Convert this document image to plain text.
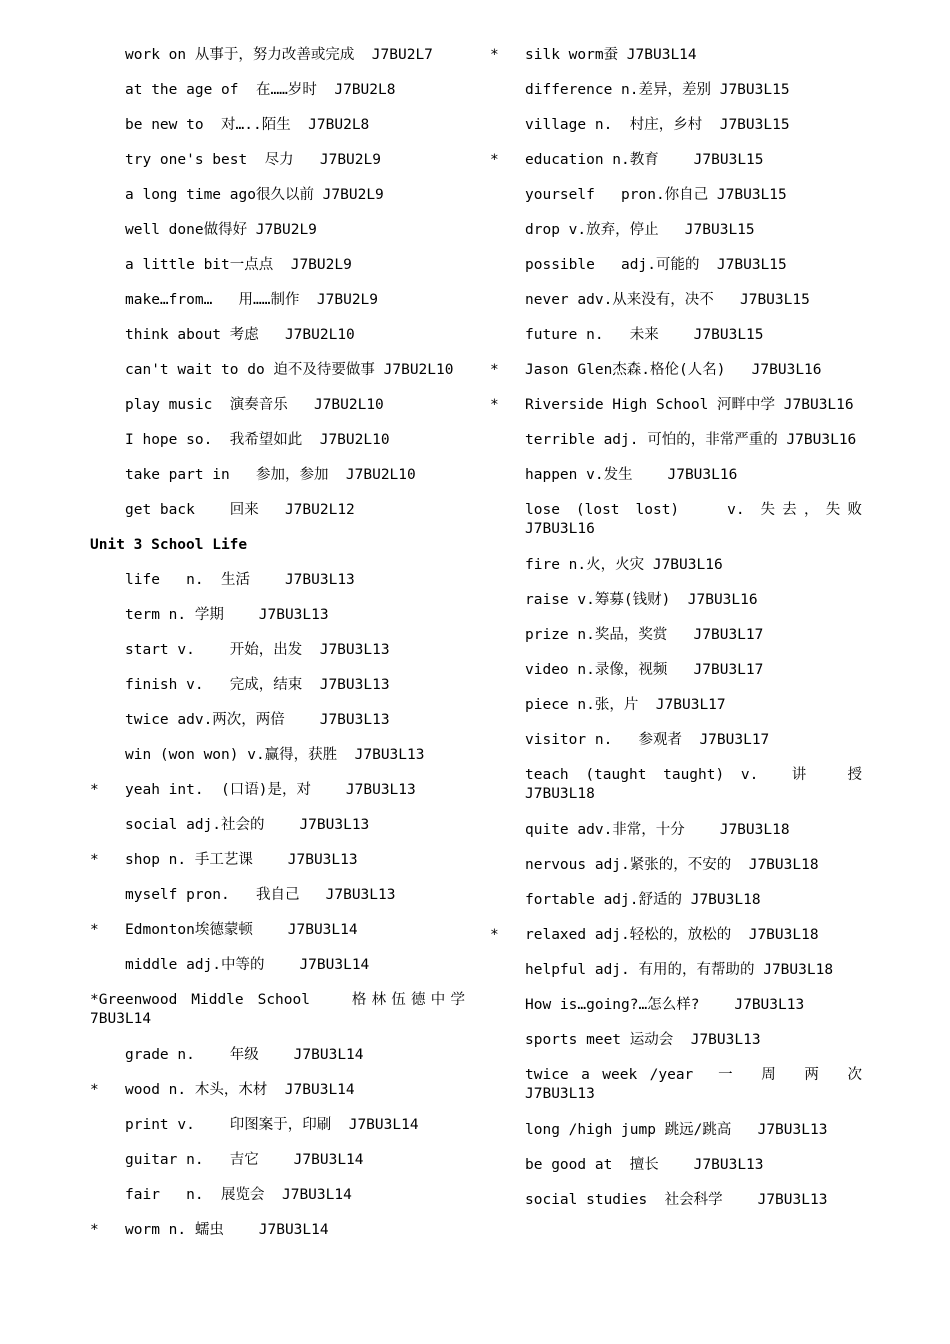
work on 从事于，努力改善或完成  J7BU2L7
at the age of  在……岁时  J7BU2L8
be new to  对…..陌生  J7BU2L8
try one's best  尽力   J7BU2L9
a long time ago很久以前 J7BU2L9
well done做得好 J7BU2L9
a little bit一点点  J7BU2L9
make…from…   用……制作  J7BU2L9
think about 考虑   J7BU2L10
can't wait to do 迫不及待要做事 J7BU2L10
play music  演奏音乐   J7BU2L10
I hope so.  我希望如此  J7BU2L10
take part in   参加，参加  J7BU2L10
get back    回来   J7BU2L12
Unit 3 School Life
life   n.  生活    J7BU3L13
term n. 学期    J7BU3L13
start v.    开始，出发  J7BU3L13
finish v.   完成，结束  J7BU3L13
twice adv.两次，两倍    J7BU3L13
win (won won) v.赢得，获胜  J7BU3L13
*	yeah int.  (口语)是，对    J7BU3L13
social adj.社会的    J7BU3L13
*	shop n. 手工艺课    J7BU3L13
myself pron.   我自己   J7BU3L13
*	Edmonton埃德蒙顿    J7BU3L14
middle adj.中等的    J7BU3L14
*Greenwood Middle School   格林伍德中学 7BU3L14
grade n.    年级    J7BU3L14
*	wood n. 木头，木材  J7BU3L14
print v.    印图案于，印刷  J7BU3L14
guitar n.   吉它    J7BU3L14
fair   n.  展览会  J7BU3L14
*	worm n. 蠕虫    J7BU3L14
*	silk worm蚕 J7BU3L14
difference n.差异，差别 J7BU3L15
village n.  村庄，乡村  J7BU3L15
*	education n.教育    J7BU3L15
yourself   pron.你自己 J7BU3L15
drop v.放弃，停止   J7BU3L15
possible   adj.可能的  J7BU3L15
never adv.从来没有，决不   J7BU3L15
future n.   未来    J7BU3L15
*	Jason Glen杰森.格伦(人名)   J7BU3L16
*	Riverside High School 河畔中学 J7BU3L16
terrible adj. 可怕的，非常严重的 J7BU3L16
happen v.发生    J7BU3L16
lose (lost lost)   v. 失去，失败 J7BU3L16
fire n.火，火灾 J7BU3L16
raise v.筹募(钱财)  J7BU3L16
prize n.奖品，奖赏   J7BU3L17
video n.录像，视频   J7BU3L17
piece n.张，片  J7BU3L17
visitor n.   参观者  J7BU3L17
teach (taught taught) v.  讲  授 J7BU3L18
quite adv.非常，十分    J7BU3L18
nervous adj.紧张的，不安的  J7BU3L18
fortable adj.舒适的 J7BU3L18
*	relaxed adj.轻松的，放松的  J7BU3L18
helpful adj. 有用的，有帮助的 J7BU3L18
How is…going?…怎么样?    J7BU3L13
sports meet 运动会  J7BU3L13
twice a week /year  一  周  两  次 J7BU3L13
long /high jump 跳远/跳高   J7BU3L13
be good at  擅长    J7BU3L13
social studies  社会科学    J7BU3L13
